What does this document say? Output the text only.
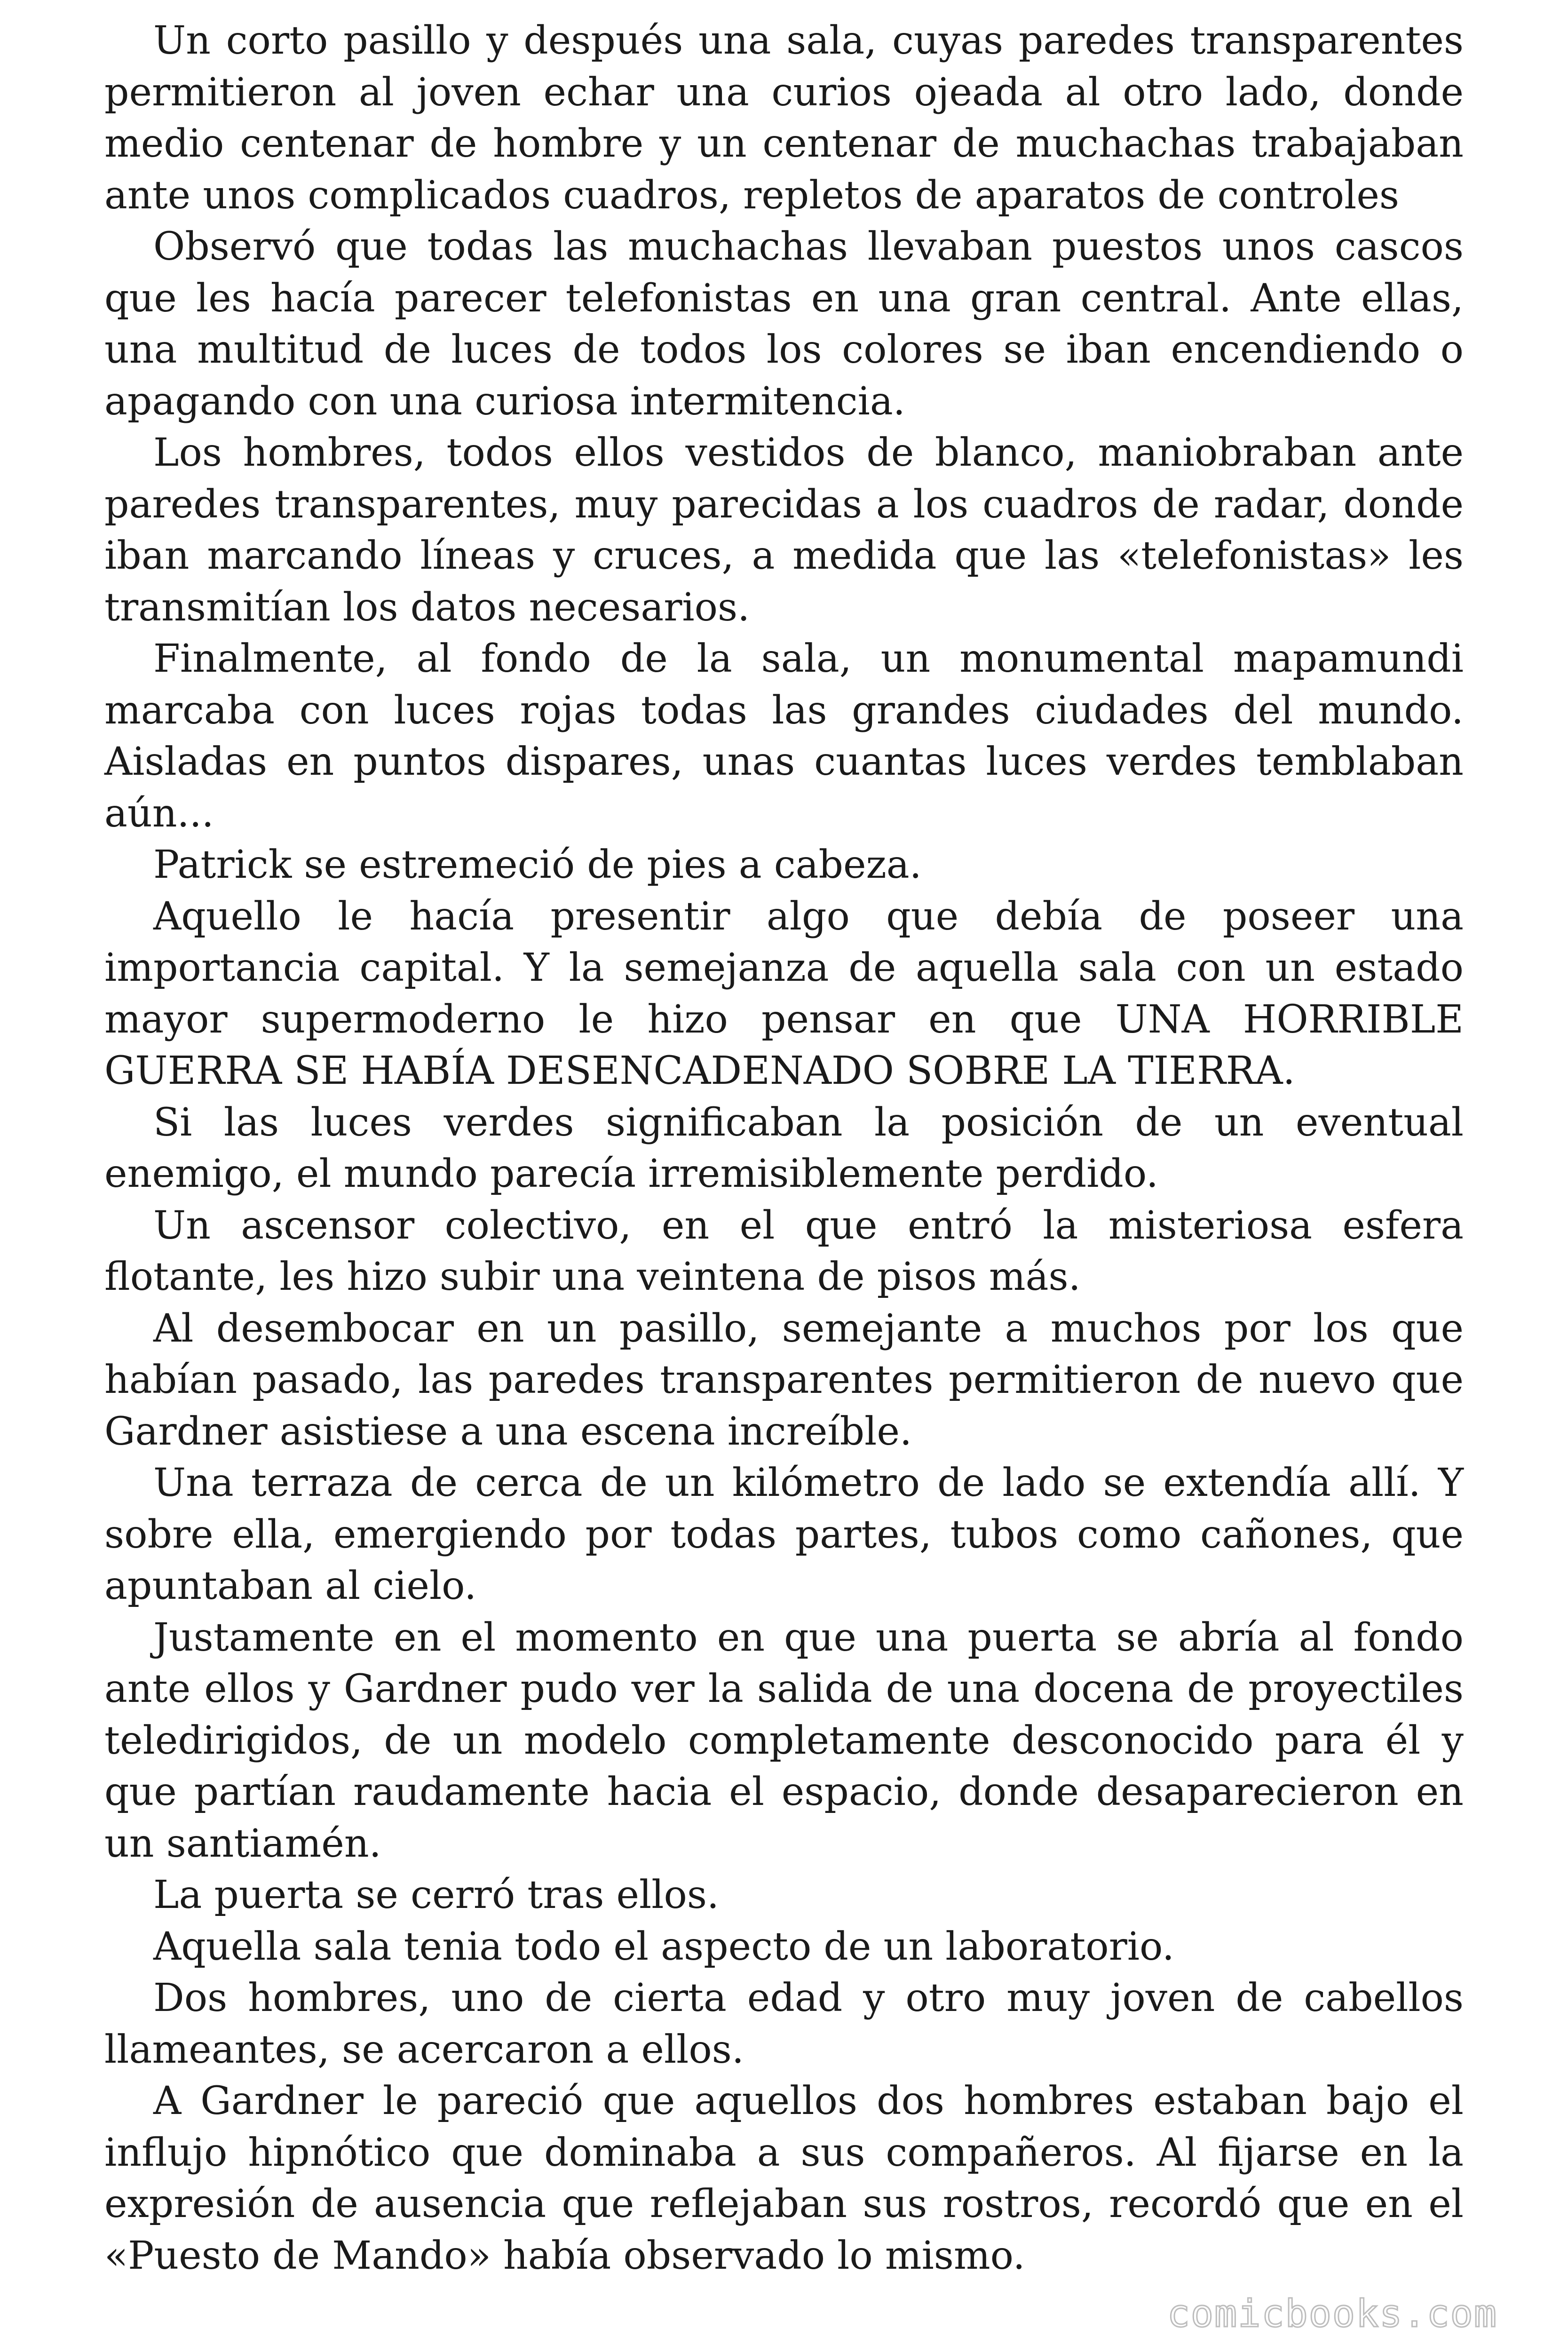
Un corto pasillo y después una sala, cuyas paredes transparentes permitieron al joven echar una curios ojeada al otro lado, donde medio centenar de hombre y un centenar de muchachas trabajaban ante unos complicados cuadros, repletos de aparatos de controles

Observó que todas las muchachas llevaban puestos unos cascos que les hacía parecer telefonistas en una gran central. Ante ellas, una multitud de luces de todos los colores se iban encendiendo o apagando con una curiosa intermitencia.

Los hombres, todos ellos vestidos de blanco, maniobraban ante paredes transparentes, muy parecidas a los cuadros de radar, donde iban marcando líneas y cruces, a medida que las «telefonistas» les transmitían los datos necesarios.

Finalmente, al fondo de la sala, un monumental mapamundi marcaba con luces rojas todas las grandes ciudades del mundo. Aisladas en puntos dispares, unas cuantas luces verdes temblaban aún...

Patrick se estremeció de pies a cabeza.

Aquello le hacía presentir algo que debía de poseer una importancia capital. Y la semejanza de aquella sala con un estado mayor supermoderno le hizo pensar en que UNA HORRIBLE GUERRA SE HABÍA DESENCADENADO SOBRE LA TIERRA.

Si las luces verdes significaban la posición de un eventual enemigo, el mundo parecía irremisiblemente perdido.

Un ascensor colectivo, en el que entró la misteriosa esfera flotante, les hizo subir una veintena de pisos más.

Al desembocar en un pasillo, semejante a muchos por los que habían pasado, las paredes transparentes permitieron de nuevo que Gardner asistiese a una escena increíble.

Una terraza de cerca de un kilómetro de lado se extendía allí. Y sobre ella, emergiendo por todas partes, tubos como cañones, que apuntaban al cielo.

Justamente en el momento en que una puerta se abría al fondo ante ellos y Gardner pudo ver la salida de una docena de proyectiles teledirigidos, de un modelo completamente desconocido para él y que partían raudamente hacia el espacio, donde desaparecieron en un santiamén.

La puerta se cerró tras ellos.

Aquella sala tenia todo el aspecto de un laboratorio.

Dos hombres, uno de cierta edad y otro muy joven de cabellos llameantes, se acercaron a ellos.

A Gardner le pareció que aquellos dos hombres estaban bajo el influjo hipnótico que dominaba a sus compañeros. Al fijarse en la expresión de ausencia que reflejaban sus rostros, recordó que en el «Puesto de Mando» había observado lo mismo.

comicbooks.com
